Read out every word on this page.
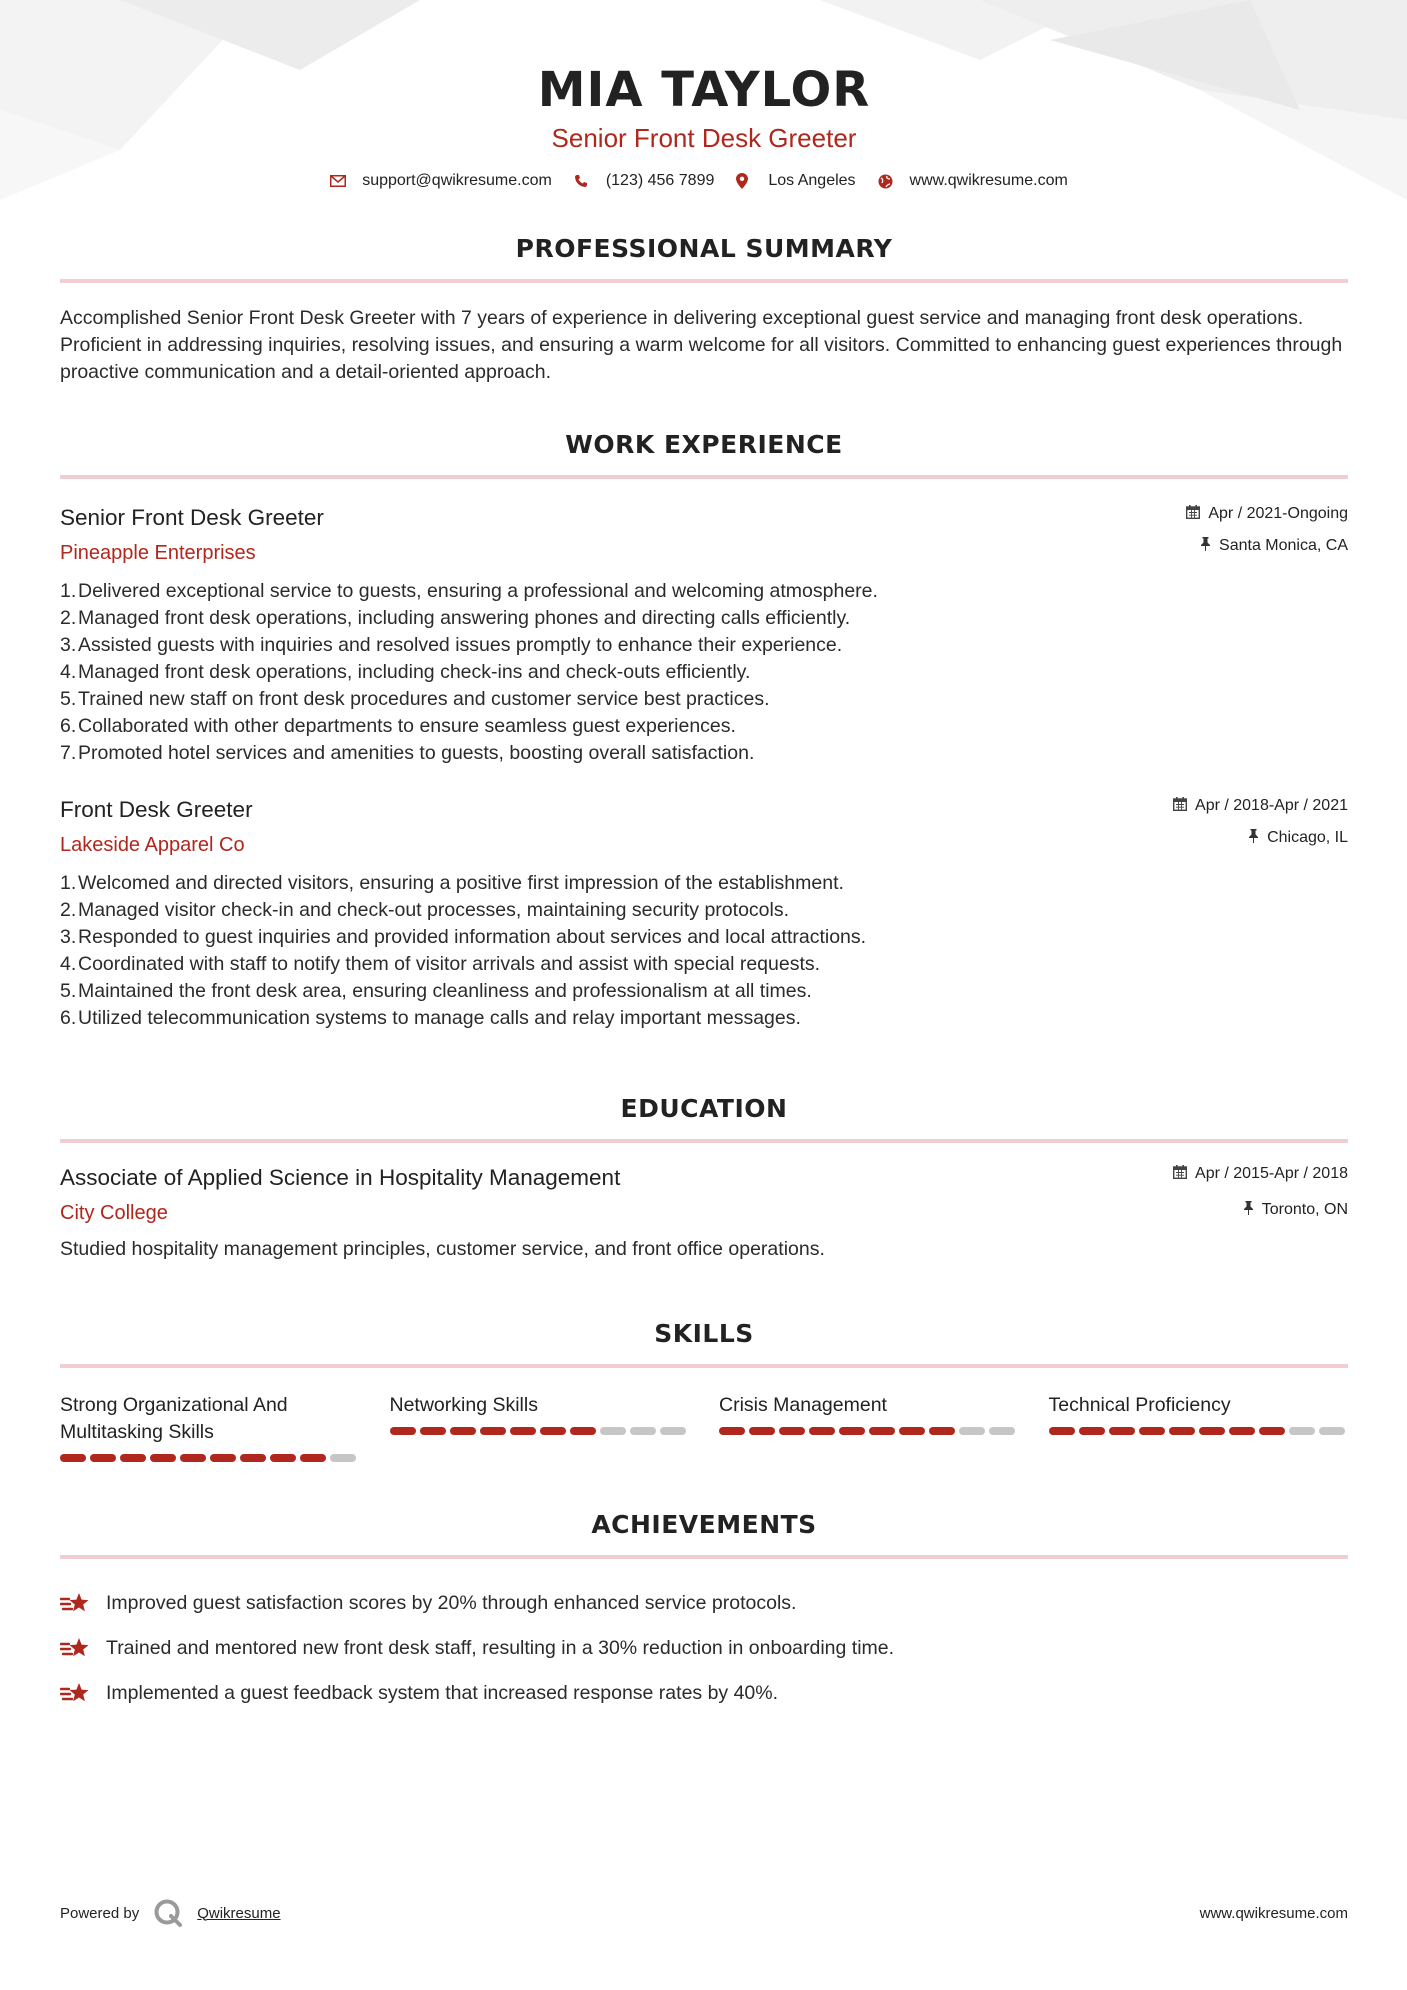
MIA TAYLOR
Senior Front Desk Greeter
support@qwikresume.com	(123) 456 7899	Los Angeles	www.qwikresume.com
PROFESSIONAL SUMMARY

Accomplished Senior Front Desk Greeter with 7 years of experience in delivering exceptional guest service and managing front desk operations. Proficient in addressing inquiries, resolving issues, and ensuring a warm welcome for all visitors. Committed to enhancing guest experiences through proactive communication and a detail-oriented approach.

WORK EXPERIENCE
Senior Front Desk Greeter
Pineapple Enterprises
Apr / 2021-Ongoing
Santa Monica, CA
1. Delivered exceptional service to guests, ensuring a professional and welcoming atmosphere.
2. Managed front desk operations, including answering phones and directing calls efficiently.
3. Assisted guests with inquiries and resolved issues promptly to enhance their experience.
4. Managed front desk operations, including check-ins and check-outs efficiently.
5. Trained new staff on front desk procedures and customer service best practices.
6. Collaborated with other departments to ensure seamless guest experiences.
7. Promoted hotel services and amenities to guests, boosting overall satisfaction.
Front Desk Greeter
Lakeside Apparel Co
Apr / 2018-Apr / 2021
Chicago, IL
1. Welcomed and directed visitors, ensuring a positive first impression of the establishment.
2. Managed visitor check-in and check-out processes, maintaining security protocols.
3. Responded to guest inquiries and provided information about services and local attractions.
4. Coordinated with staff to notify them of visitor arrivals and assist with special requests.
5. Maintained the front desk area, ensuring cleanliness and professionalism at all times.
6. Utilized telecommunication systems to manage calls and relay important messages.
EDUCATION
Associate of Applied Science in Hospitality Management
City College
Apr / 2015-Apr / 2018
Toronto, ON

Studied hospitality management principles, customer service, and front office operations.

SKILLS
Strong Organizational And Multitasking Skills
Networking Skills	Crisis Management	Technical Proficiency
ACHIEVEMENTS
Improved guest satisfaction scores by 20% through enhanced service protocols.
Trained and mentored new front desk staff, resulting in a 30% reduction in onboarding time.
Implemented a guest feedback system that increased response rates by 40%.
Powered by	Qwikresume	www.qwikresume.com
